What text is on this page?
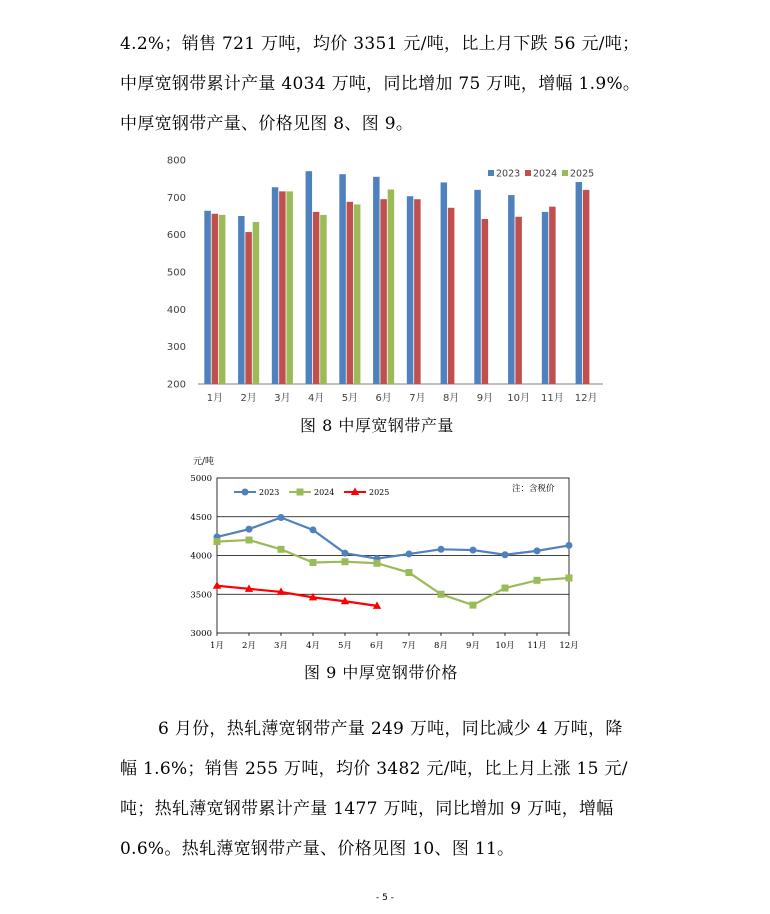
4.2%；销售 721 万吨，均价 3351 元/吨，比上月下跌 56 元/吨；
中厚宽钢带累计产量 4034 万吨，同比增加 75 万吨，增幅 1.9%。
中厚宽钢带产量、价格见图 8、图 9。
200
300
400
500
600
700
800
1月 2月 3月 4月 5月 6月 7月 8月 9月 10月 11月 12月
2023 2024 2025
图 8 中厚宽钢带产量
元/吨
3000
3500
4000
4500
5000
1月 2月 3月 4月 5月 6月 7月 8月 9月 10月 11月 12月
2023	2024	2025	注：含税价
图 9 中厚宽钢带价格
6 月份，热轧薄宽钢带产量 249 万吨，同比减少 4 万吨，降
幅 1.6%；销售 255 万吨，均价 3482 元/吨，比上月上涨 15 元/
吨；热轧薄宽钢带累计产量 1477 万吨，同比增加 9 万吨，增幅
0.6%。热轧薄宽钢带产量、价格见图 10、图 11。
- 5 -
